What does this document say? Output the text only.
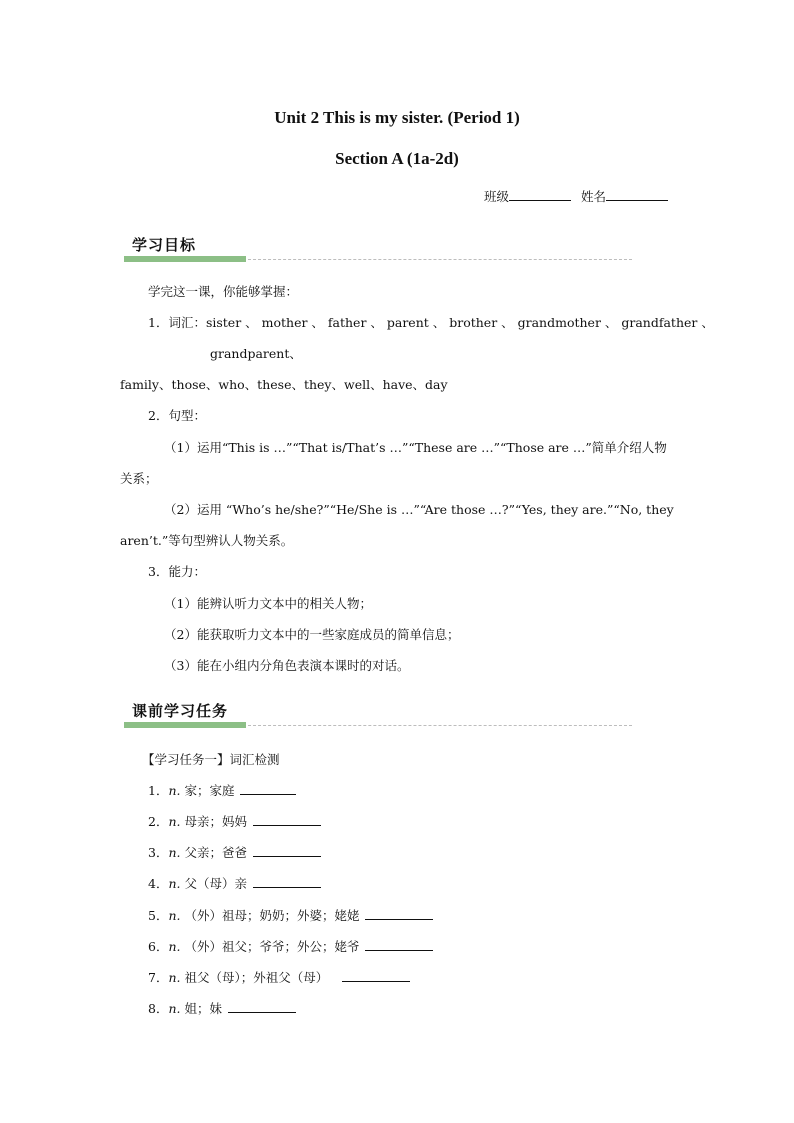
Unit 2 This is my sister. (Period 1)
Section A (1a-2d)
班级	姓名
学习目标
学完这一课，你能够掌握：
1．词汇：sister 、 mother 、 father 、 parent 、 brother 、 grandmother 、 grandfather 、
grandparent、
family、those、who、these、they、well、have、day
2．句型：
（1）运用“This is …”“That is/That’s …”“These are …”“Those are …”简单介绍人物
关系；
（2）运用 “Who’s he/she?”“He/She is …”“Are those …?”“Yes, they are.”“No, they
aren’t.”等句型辨认人物关系。
3．能力：
（1）能辨认听力文本中的相关人物；
（2）能获取听力文本中的一些家庭成员的简单信息；
（3）能在小组内分角色表演本课时的对话。
课前学习任务
【学习任务一】词汇检测
1．n. 家；家庭
2．n. 母亲；妈妈
3．n. 父亲；爸爸
4．n. 父（母）亲
5．n. （外）祖母；奶奶；外婆；姥姥
6．n. （外）祖父；爷爷；外公；姥爷
7．n. 祖父（母）；外祖父（母）
8．n. 姐；妹
